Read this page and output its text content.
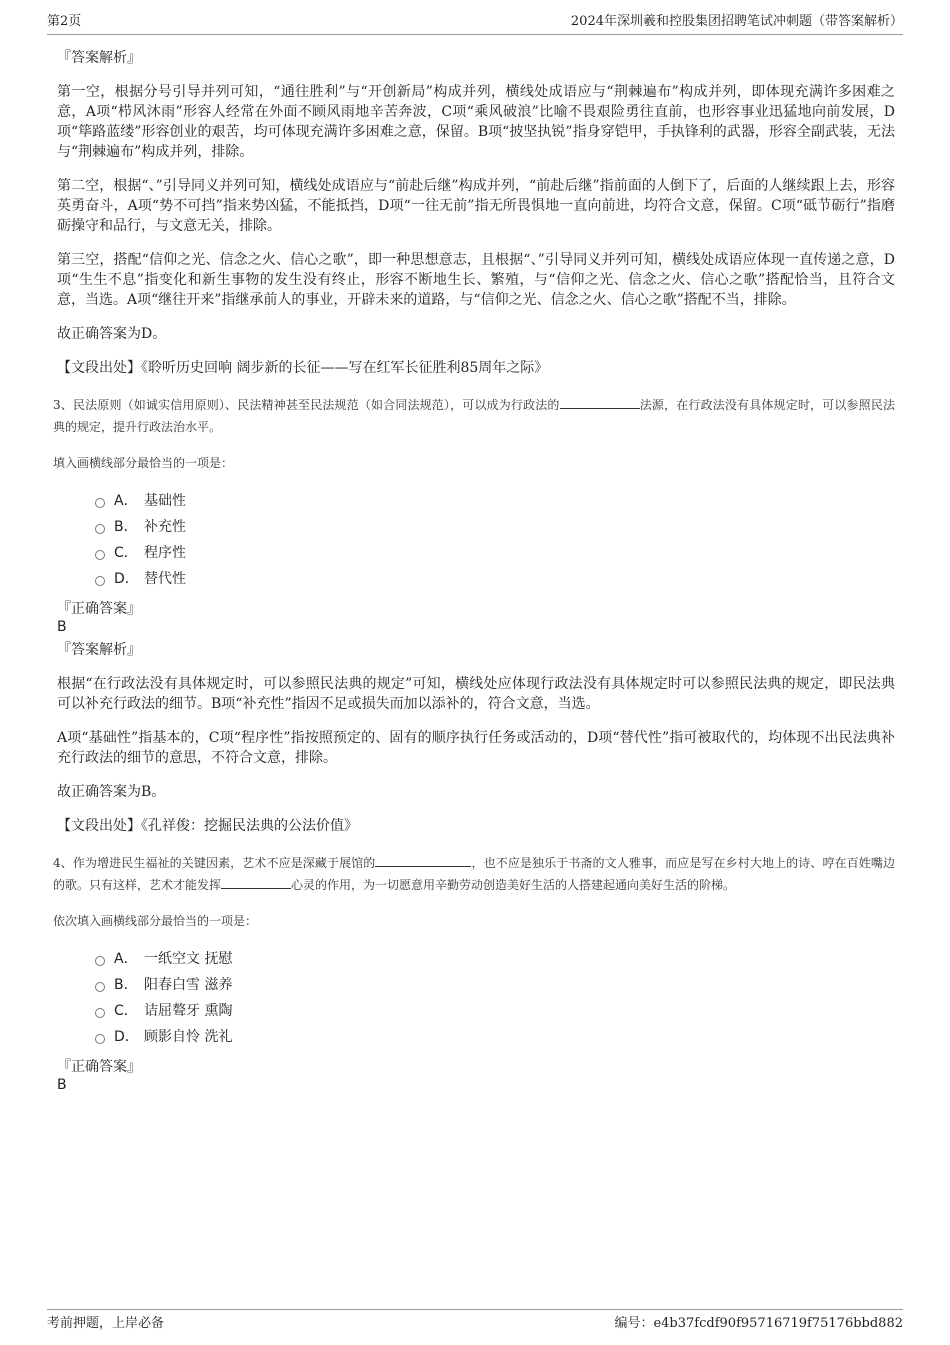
第2页	2024年深圳羲和控股集团招聘笔试冲刺题（带答案解析）
『答案解析』

第一空，根据分号引导并列可知，“通往胜利”与“开创新局”构成并列，横线处成语应与“荆棘遍布”构成并列，即体现充满许多困难之意，A项“栉风沐雨”形容人经常在外面不顾风雨地辛苦奔波，C项“乘风破浪”比喻不畏艰险勇往直前，也形容事业迅猛地向前发展，D项“筚路蓝缕”形容创业的艰苦，均可体现充满许多困难之意，保留。B项“披坚执锐”指身穿铠甲，手执锋利的武器，形容全副武装，无法与“荆棘遍布”构成并列，排除。

第二空，根据“、”引导同义并列可知，横线处成语应与“前赴后继”构成并列，“前赴后继”指前面的人倒下了，后面的人继续跟上去，形容英勇奋斗，A项“势不可挡”指来势凶猛，不能抵挡，D项“一往无前”指无所畏惧地一直向前进，均符合文意，保留。C项“砥节砺行”指磨砺操守和品行，与文意无关，排除。

第三空，搭配“信仰之光、信念之火、信心之歌”，即一种思想意志，且根据“、”引导同义并列可知，横线处成语应体现一直传递之意，D项“生生不息”指变化和新生事物的发生没有终止，形容不断地生长、繁殖，与“信仰之光、信念之火、信心之歌”搭配恰当，且符合文意，当选。A项“继往开来”指继承前人的事业，开辟未来的道路，与“信仰之光、信念之火、信心之歌”搭配不当，排除。

故正确答案为D。

【文段出处】《聆听历史回响 阔步新的长征——写在红军长征胜利85周年之际》

3、民法原则（如诚实信用原则）、民法精神甚至民法规范（如合同法规范），可以成为行政法的	法源，在行政法没有具体规定时，可以参照民法典的规定，提升行政法治水平。

填入画横线部分最恰当的一项是：

A． 基础性
B． 补充性
C． 程序性
D． 替代性

『正确答案』

B

『答案解析』

根据“在行政法没有具体规定时，可以参照民法典的规定”可知，横线处应体现行政法没有具体规定时可以参照民法典的规定，即民法典可以补充行政法的细节。B项“补充性”指因不足或损失而加以添补的，符合文意，当选。

A项“基础性”指基本的，C项“程序性”指按照预定的、固有的顺序执行任务或活动的，D项“替代性”指可被取代的，均体现不出民法典补充行政法的细节的意思，不符合文意，排除。

故正确答案为B。

【文段出处】《孔祥俊：挖掘民法典的公法价值》

4、作为增进民生福祉的关键因素，艺术不应是深藏于展馆的	，也不应是独乐于书斋的文人雅事，而应是写在乡村大地上的诗、哼在百姓嘴边的歌。只有这样，艺术才能发挥	心灵的作用，为一切愿意用辛勤劳动创造美好生活的人搭建起通向美好生活的阶梯。

依次填入画横线部分最恰当的一项是：

A． 一纸空文 抚慰
B． 阳春白雪 滋养
C． 诘屈聱牙 熏陶
D． 顾影自怜 洗礼

『正确答案』

B

考前押题，上岸必备	编号：e4b37fcdf90f95716719f75176bbd882
